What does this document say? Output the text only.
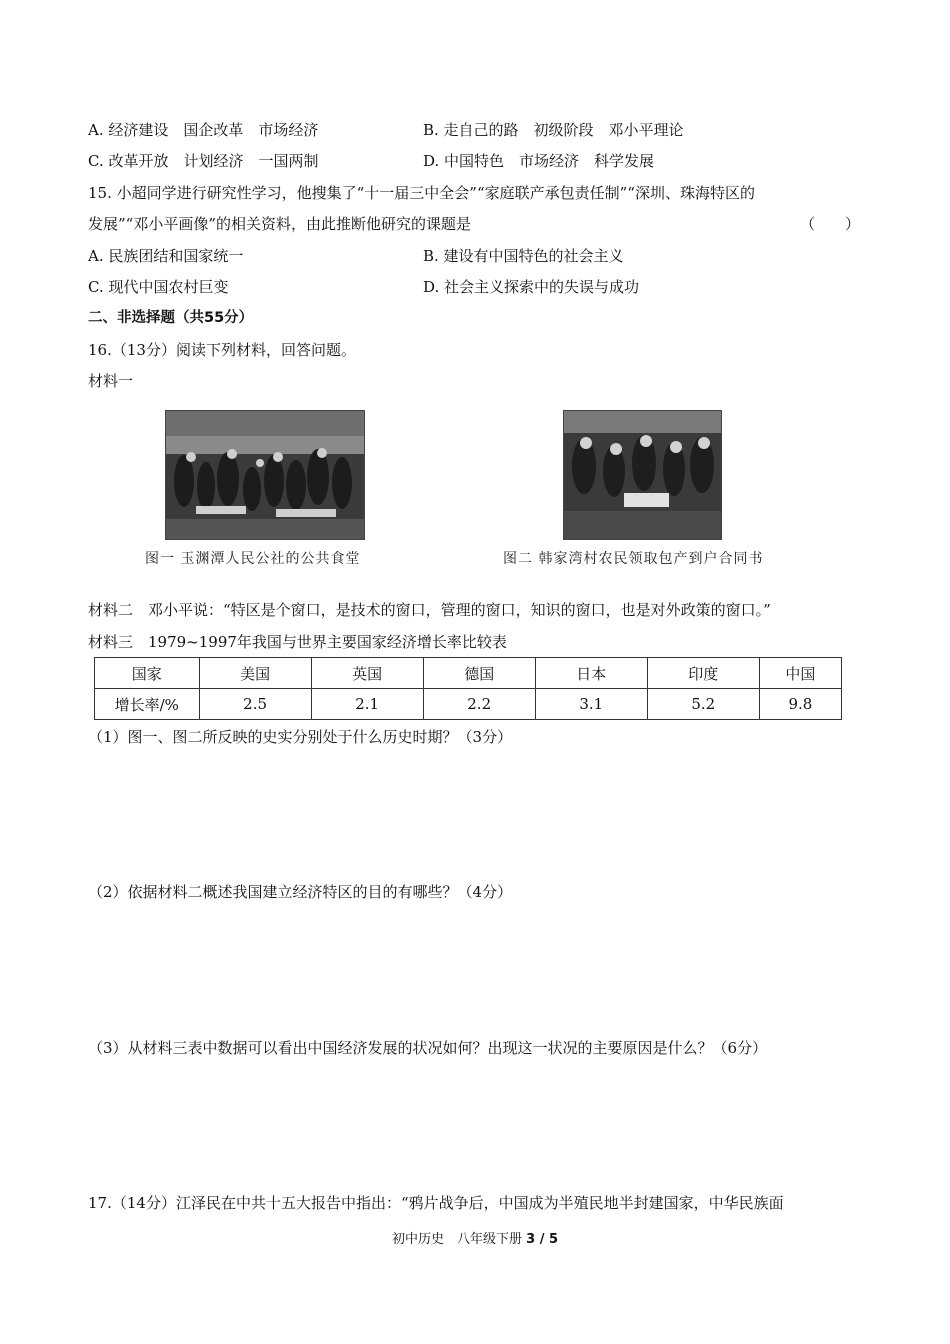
A. 经济建设　国企改革　市场经济	B. 走自己的路　初级阶段　邓小平理论
C. 改革开放　计划经济　一国两制	D. 中国特色　市场经济　科学发展
15. 小超同学进行研究性学习，他搜集了“十一届三中全会”“家庭联产承包责任制”“深圳、珠海特区的
发展”“邓小平画像”的相关资料，由此推断他研究的课题是	（　　）
A. 民族团结和国家统一	B. 建设有中国特色的社会主义
C. 现代中国农村巨变	D. 社会主义探索中的失误与成功
二、非选择题（共55分）
16.（13分）阅读下列材料，回答问题。
材料一
图一 玉渊潭人民公社的公共食堂	图二 韩家湾村农民领取包产到户合同书
材料二　邓小平说：“特区是个窗口，是技术的窗口，管理的窗口，知识的窗口，也是对外政策的窗口。”
材料三　1979~1997年我国与世界主要国家经济增长率比较表
国家	美国	英国	德国	日本	印度	中国
增长率/%	2.5	2.1	2.2	3.1	5.2	9.8
（1）图一、图二所反映的史实分别处于什么历史时期？（3分）
（2）依据材料二概述我国建立经济特区的目的有哪些？（4分）
（3）从材料三表中数据可以看出中国经济发展的状况如何？出现这一状况的主要原因是什么？（6分）
17.（14分）江泽民在中共十五大报告中指出：“鸦片战争后，中国成为半殖民地半封建国家，中华民族面
初中历史　八年级下册 3 / 5
